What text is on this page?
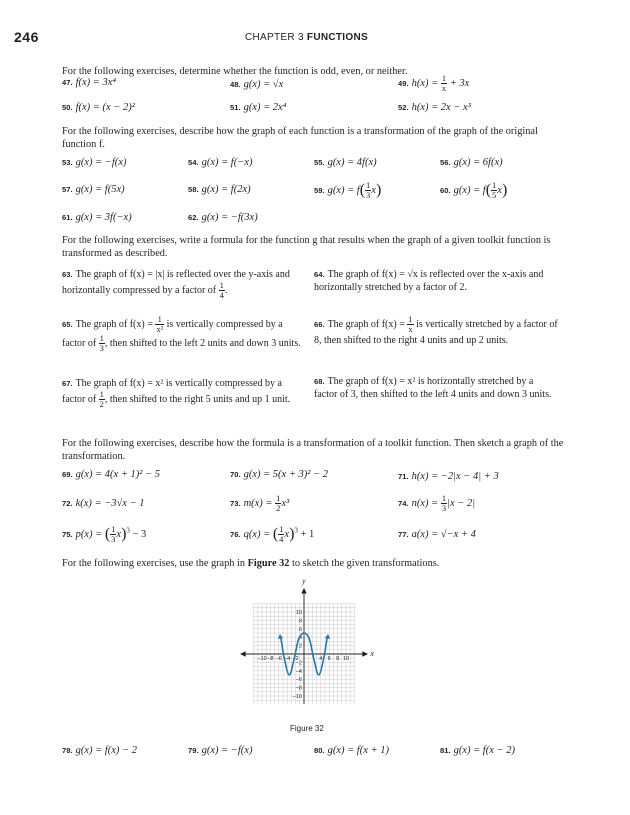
246	CHAPTER 3 FUNCTIONS
For the following exercises, determine whether the function is odd, even, or neither.
47. f(x) = 3x⁴	48. g(x) = √x	49. $h(x) = \frac{1}{x} + 3x$
50. f(x) = (x − 2)²	51. g(x) = 2x⁴	52. h(x) = 2x − x³
For the following exercises, describe how the graph of each function is a transformation of the graph of the original function f.
53. g(x) = −f(x)	54. g(x) = f(−x)	55. g(x) = 4f(x)	56. g(x) = 6f(x)
57. g(x) = f(5x)	58. g(x) = f(2x)	59. $g(x) = f( \frac{1}{3} x)$	60. $g(x) = f( \frac{1}{5} x)$
61. g(x) = 3f(−x)	62. g(x) = −f(3x)
For the following exercises, write a formula for the function g that results when the graph of a given toolkit function is transformed as described.
63. The graph of f(x) = |x| is reflected over the y-axis and horizontally compressed by a factor of $\frac{1}{4}$ .
64. The graph of f(x) = √x is reflected over the x-axis and horizontally stretched by a factor of 2.
65. The graph of $f(x) = \frac{1}{\text{x²}}$ is vertically compressed by a factor of $\frac{1}{3}$ , then shifted to the left 2 units and down 3 units.
66. The graph of $f(x) = \frac{1}{x}$ is vertically stretched by a factor of 8, then shifted to the right 4 units and up 2 units.
67. The graph of f(x) = x² is vertically compressed by a factor of $\frac{1}{2}$ , then shifted to the right 5 units and up 1 unit.
68. The graph of f(x) = x² is horizontally stretched by a factor of 3, then shifted to the left 4 units and down 3 units.
For the following exercises, describe how the formula is a transformation of a toolkit function. Then sketch a graph of the transformation.
69. g(x) = 4(x + 1)² − 5	70. g(x) = 5(x + 3)² − 2	71. h(x) = −2|x − 4| + 3
72. k(x) = −3√x − 1	73. $m(x) = \frac{1}{2} x^3$	74. $n(x) = \frac{1}{3} |x - 2|$
75. p(x) = ( $\frac{1}{3} x)^3 - 3$	76. q(x) = ( $\frac{1}{4} x)^3 + 1$	77. a(x) = √−x + 4
For the following exercises, use the graph in Figure 32 to sketch the given transformations.
−10 −8 −6 −4 −2	4 6 8 10
10
8
6
4
2
−2
−4
−6
−8
−10
f
x
y
Figure 32
78. g(x) = f(x) − 2	79. g(x) = −f(x)	80. g(x) = f(x + 1)	81. g(x) = f(x − 2)
